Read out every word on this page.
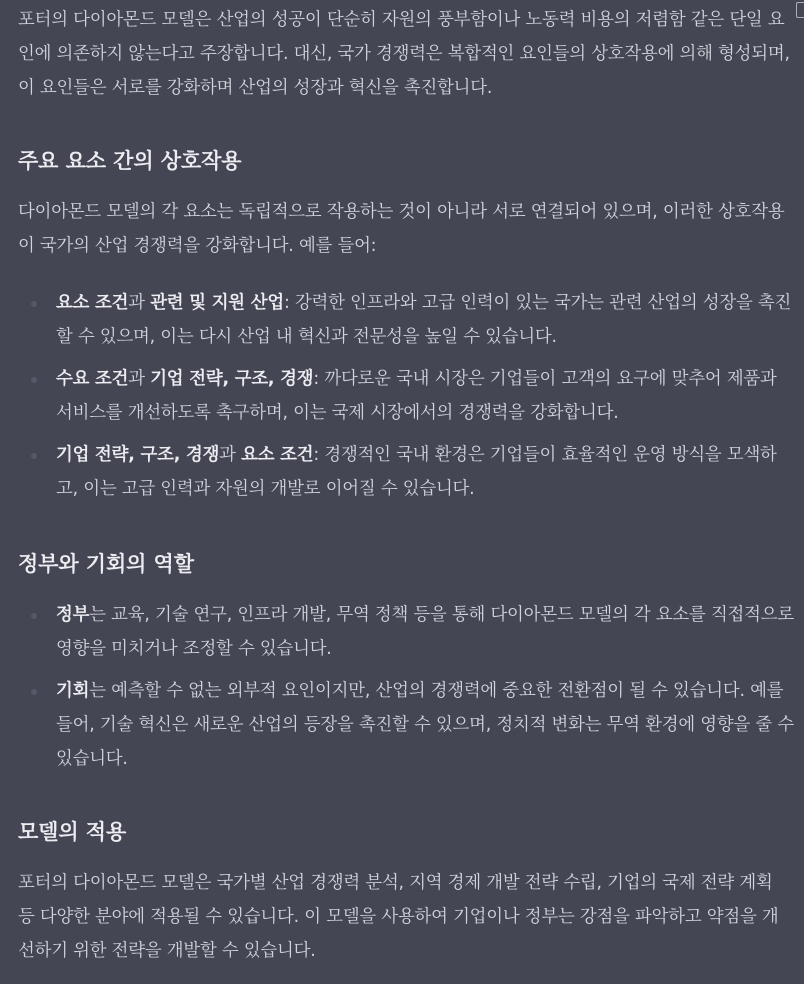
포터의 다이아몬드 모델은 산업의 성공이 단순히 자원의 풍부함이나 노동력 비용의 저렴함 같은 단일 요인에 의존하지 않는다고 주장합니다. 대신, 국가 경쟁력은 복합적인 요인들의 상호작용에 의해 형성되며, 이 요인들은 서로를 강화하며 산업의 성장과 혁신을 촉진합니다.

주요 요소 간의 상호작용

다이아몬드 모델의 각 요소는 독립적으로 작용하는 것이 아니라 서로 연결되어 있으며, 이러한 상호작용이 국가의 산업 경쟁력을 강화합니다. 예를 들어:

요소 조건과 관련 및 지원 산업: 강력한 인프라와 고급 인력이 있는 국가는 관련 산업의 성장을 촉진할 수 있으며, 이는 다시 산업 내 혁신과 전문성을 높일 수 있습니다.
수요 조건과 기업 전략, 구조, 경쟁: 까다로운 국내 시장은 기업들이 고객의 요구에 맞추어 제품과 서비스를 개선하도록 촉구하며, 이는 국제 시장에서의 경쟁력을 강화합니다.
기업 전략, 구조, 경쟁과 요소 조건: 경쟁적인 국내 환경은 기업들이 효율적인 운영 방식을 모색하고, 이는 고급 인력과 자원의 개발로 이어질 수 있습니다.
정부와 기회의 역할
정부는 교육, 기술 연구, 인프라 개발, 무역 정책 등을 통해 다이아몬드 모델의 각 요소를 직접적으로 영향을 미치거나 조정할 수 있습니다.
기회는 예측할 수 없는 외부적 요인이지만, 산업의 경쟁력에 중요한 전환점이 될 수 있습니다. 예를 들어, 기술 혁신은 새로운 산업의 등장을 촉진할 수 있으며, 정치적 변화는 무역 환경에 영향을 줄 수 있습니다.
모델의 적용

포터의 다이아몬드 모델은 국가별 산업 경쟁력 분석, 지역 경제 개발 전략 수립, 기업의 국제 전략 계획 등 다양한 분야에 적용될 수 있습니다. 이 모델을 사용하여 기업이나 정부는 강점을 파악하고 약점을 개선하기 위한 전략을 개발할 수 있습니다.
